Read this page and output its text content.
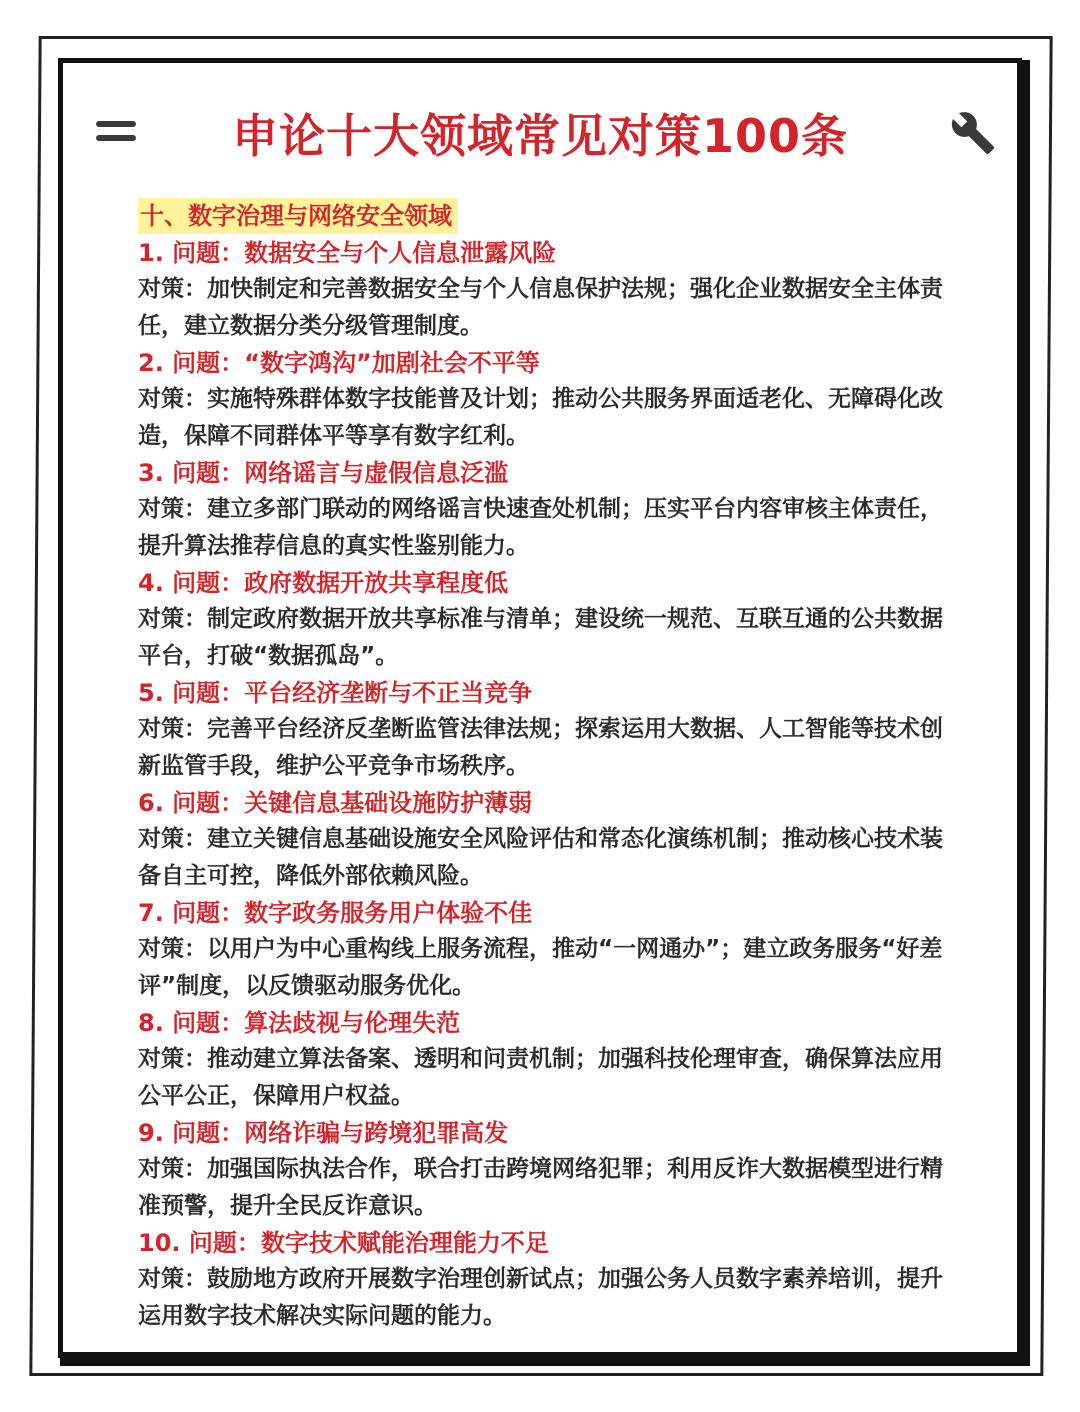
申论十大领域常见对策100条
十、数字治理与网络安全领域
1. 问题：数据安全与个人信息泄露风险
对策：加快制定和完善数据安全与个人信息保护法规；强化企业数据安全主体责任，建立数据分类分级管理制度。
2. 问题：“数字鸿沟”加剧社会不平等
对策：实施特殊群体数字技能普及计划；推动公共服务界面适老化、无障碍化改造，保障不同群体平等享有数字红利。
3. 问题：网络谣言与虚假信息泛滥
对策：建立多部门联动的网络谣言快速查处机制；压实平台内容审核主体责任，提升算法推荐信息的真实性鉴别能力。
4. 问题：政府数据开放共享程度低
对策：制定政府数据开放共享标准与清单；建设统一规范、互联互通的公共数据平台，打破“数据孤岛”。
5. 问题：平台经济垄断与不正当竞争
对策：完善平台经济反垄断监管法律法规；探索运用大数据、人工智能等技术创新监管手段，维护公平竞争市场秩序。
6. 问题：关键信息基础设施防护薄弱
对策：建立关键信息基础设施安全风险评估和常态化演练机制；推动核心技术装备自主可控，降低外部依赖风险。
7. 问题：数字政务服务用户体验不佳
对策：以用户为中心重构线上服务流程，推动“一网通办”；建立政务服务“好差评”制度，以反馈驱动服务优化。
8. 问题：算法歧视与伦理失范
对策：推动建立算法备案、透明和问责机制；加强科技伦理审查，确保算法应用公平公正，保障用户权益。
9. 问题：网络诈骗与跨境犯罪高发
对策：加强国际执法合作，联合打击跨境网络犯罪；利用反诈大数据模型进行精准预警，提升全民反诈意识。
10. 问题：数字技术赋能治理能力不足
对策：鼓励地方政府开展数字治理创新试点；加强公务人员数字素养培训，提升运用数字技术解决实际问题的能力。
